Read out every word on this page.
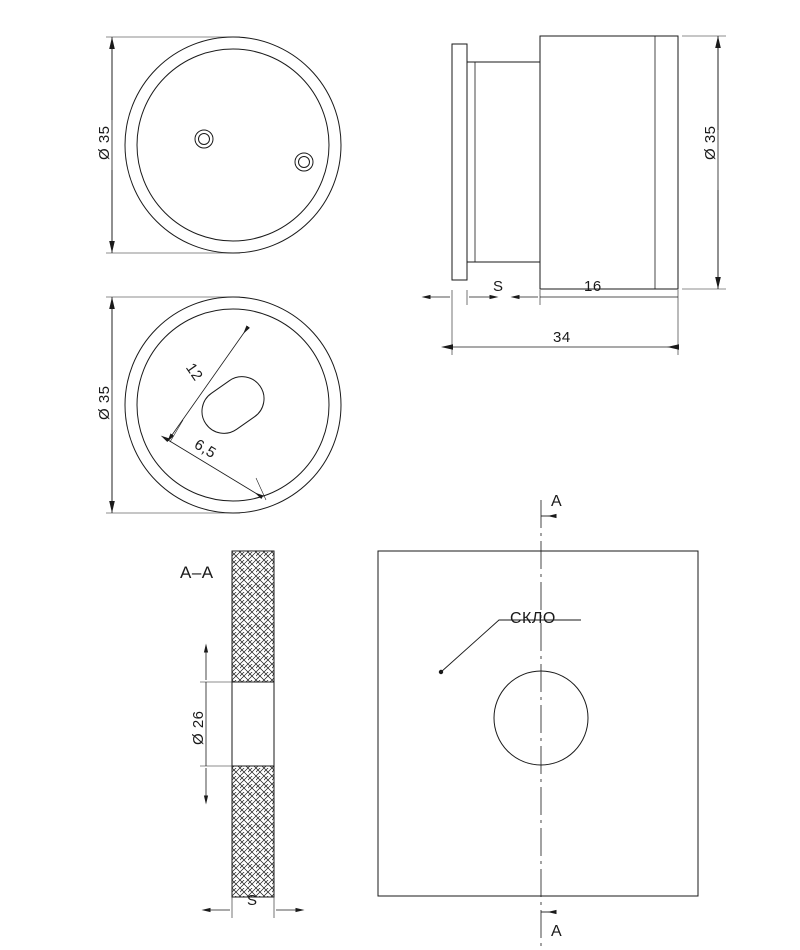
Ø 35
Ø 35
Ø 35
S	16
34
12
6,5
A–A
Ø 26
S
A
A
СКЛО
